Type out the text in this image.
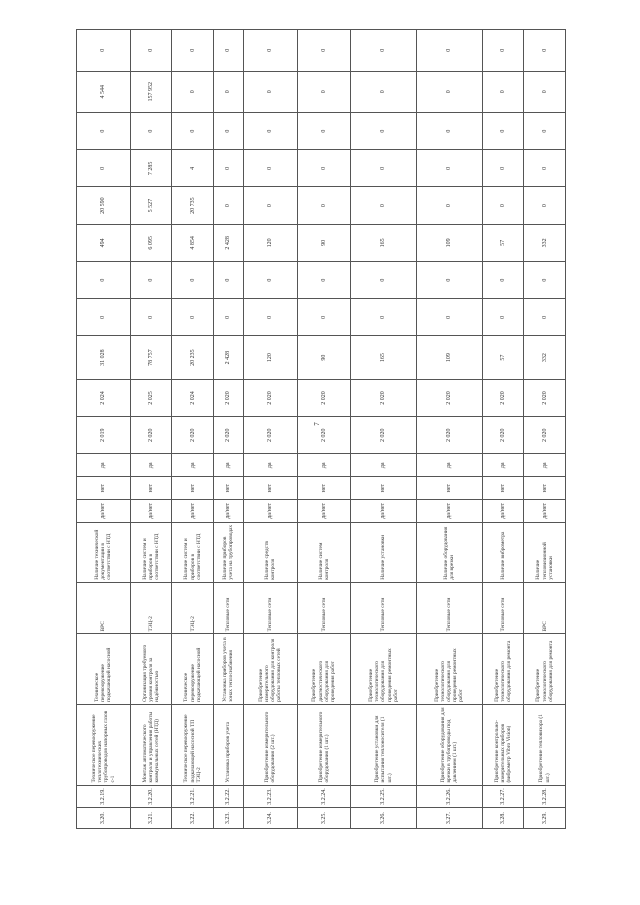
7
3.20.	3.2.19.	Техническое перевооружение теплотехнических трубопроводов напорных газов с-1	Техническое перевооружение подкачающей насосной	ВРС	Наличие технической документации в соответствии с НТД	да/нет	нет	да	2 019	2 024	31 028	0	0	494	20 590	0	0	4 544	0
3.21.	3.2.20.	Монтаж автоматического контроля и управления работы коммунальных сетей (НТД)	Организация требуемого уровня контроля за надёжностью	ТЭЦ-2	Наличие систем и приборов в соответствии с НТД	да/нет	нет	да	2 020	2 025	78 757	0	0	6 095	5 527	7 285	0	157 952	0
3.22.	3.2.21.	Техническое перевооружение подкачающей насосной ТП ТЭЦ-2	Техническое перевооружение подкачающей насосной	ТЭЦ-2	Наличие систем и приборов в соответствии с НТД	да/нет	нет	да	2 020	2 024	20 235	0	0	4 854	20 735	4	0	0	0
3.23.	3.2.22.	Установка приборов учета	Установка приборов учета в зонах теплоснабжения	Тепловые сети	Наличие приборов учета на трубопроводах	да/нет	нет	да	2 020	2 020	2 428	0	0	2 428	0	0	0	0	0
3.24.	3.2.23.	Приобретение измерительного оборудования (2 шт.)	Приобретение измерительного оборудования для контроля работы тепловых сетей	Тепловые сети	Наличие средств контроля	да/нет	нет	да	2 020	2 020	120	0	0	120	0	0	0	0	0
3.25.	3.2.24.	Приобретение измерительного оборудования (1 шт.)	Приобретение диагностического оборудования для проведения работ	Тепловые сети	Наличие систем контроля	да/нет	нет	да	2 020	2 020	90	0	0	90	0	0	0	0	0
3.26.	3.2.25.	Приобретение установки для испытания теплоносителя (1 шт.)	Приобретение технологического оборудования для проведения ремонтных работ	Тепловые сети	Наличие установки	да/нет	нет	да	2 020	2 020	165	0	0	165	0	0	0	0	0
3.27.	3.2.26.	Приобретение оборудования для врезки в трубопроводы под давлением (1 шт.)	Приобретение технологического оборудования для проведения ремонтных работ	Тепловые сети	Наличие оборудования для врезки	да/нет	нет	да	2 020	2 020	109	0	0	109	0	0	0	0	0
3.28.	3.2.27.	Приобретение контрольно-измерительных приборов (виброметр Vibro Vision)	Приобретение технологического оборудования для ремонта	Тепловые сети	Наличие виброметра	да/нет	нет	да	2 020	2 020	57	0	0	57	0	0	0	0	0
3.29.	3.2.28.	Приобретение тепловизора (1 шт.)	Приобретение технологического оборудования для ремонта	ВРС	Наличие тепловизионной установки	да/нет	нет	да	2 020	2 020	332	0	0	332	0	0	0	0	0
